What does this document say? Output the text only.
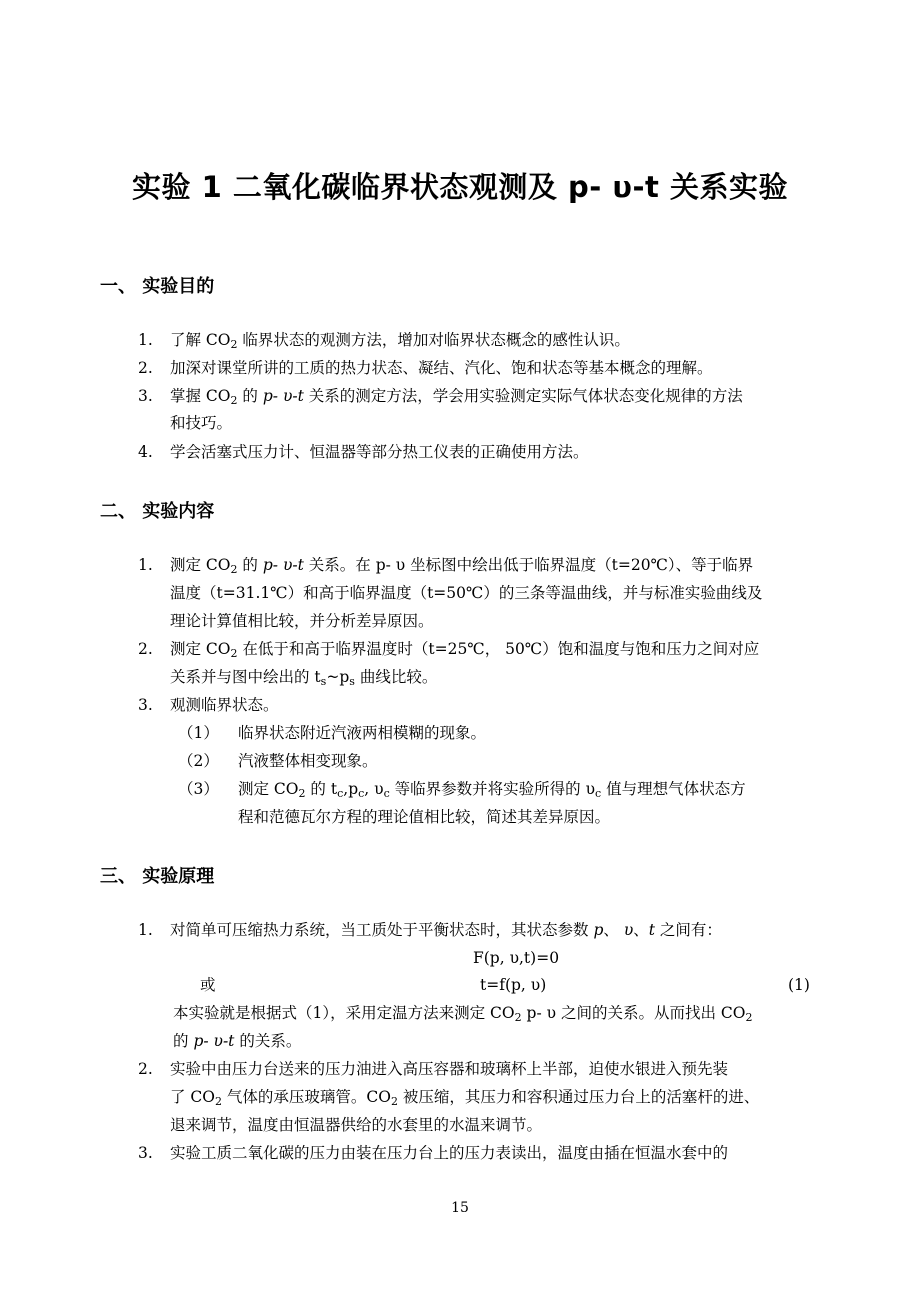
实验 1 二氧化碳临界状态观测及 p- υ-t 关系实验
一、 实验目的
1. 了解 $CO_2$ 临界状态的观测方法，增加对临界状态概念的感性认识。
2. 加深对课堂所讲的工质的热力状态、凝结、汽化、饱和状态等基本概念的理解。
3. 掌握 $CO_2$ 的 p- υ-t 关系的测定方法，学会用实验测定实际气体状态变化规律的方法
和技巧。
4. 学会活塞式压力计、恒温器等部分热工仪表的正确使用方法。
二、 实验内容
1. 测定 $CO_2$ 的 p- υ-t 关系。在 p- υ 坐标图中绘出低于临界温度（t=20℃）、等于临界
温度（t=31.1℃）和高于临界温度（t=50℃）的三条等温曲线，并与标准实验曲线及
理论计算值相比较，并分析差异原因。
2. 测定 $CO_2$ 在低于和高于临界温度时（t=25℃， 50℃）饱和温度与饱和压力之间对应
关系并与图中绘出的 $t_s\sim p_s$ 曲线比较。
3. 观测临界状态。
（1） 临界状态附近汽液两相模糊的现象。
（2） 汽液整体相变现象。
（3） 测定 $CO_2$ 的 $t_c,p_c$, $\upsilon_c$ 等临界参数并将实验所得的 $\upsilon_c$ 值与理想气体状态方
程和范德瓦尔方程的理论值相比较，简述其差异原因。
三、 实验原理
1. 对简单可压缩热力系统，当工质处于平衡状态时，其状态参数 p、 υ、t 之间有：
F(p, υ,t)=0
或	t=f(p, υ)	(1)
本实验就是根据式（1），采用定温方法来测定 $CO_2$ p- υ 之间的关系。从而找出 $CO_2$
的 p- υ-t 的关系。
2. 实验中由压力台送来的压力油进入高压容器和玻璃杯上半部，迫使水银进入预先装
了 $CO_2$ 气体的承压玻璃管。$CO_2$ 被压缩，其压力和容积通过压力台上的活塞杆的进、
退来调节，温度由恒温器供给的水套里的水温来调节。
3. 实验工质二氧化碳的压力由装在压力台上的压力表读出，温度由插在恒温水套中的
15
